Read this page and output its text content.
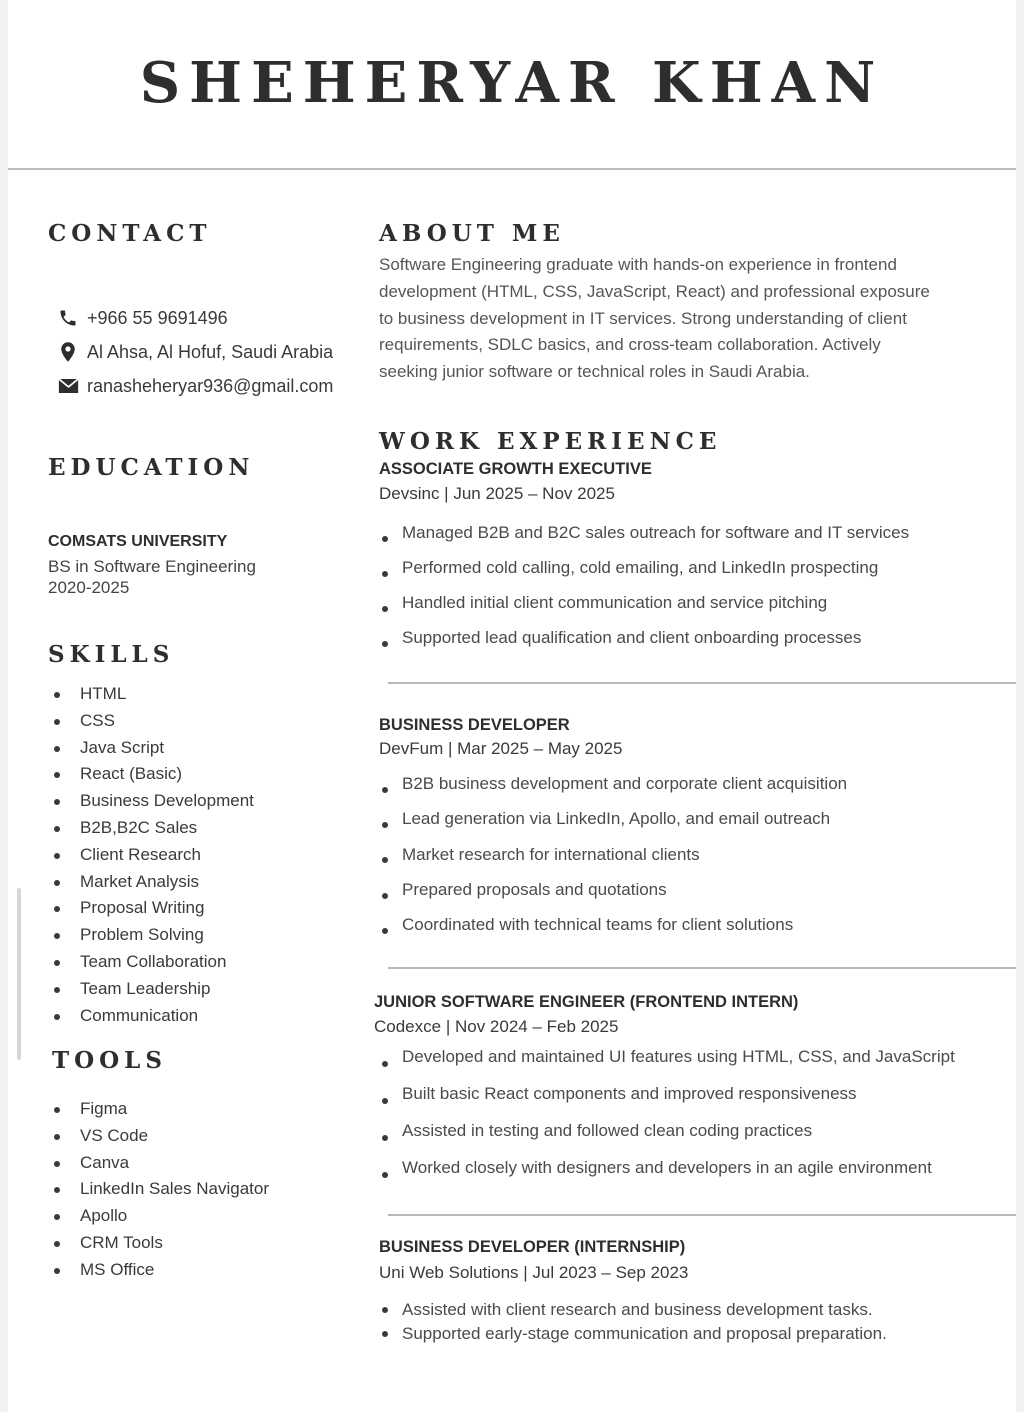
SHEHERYAR KHAN
CONTACT
+966 55 9691496
Al Ahsa, Al Hofuf, Saudi Arabia
ranasheheryar936@gmail.com
EDUCATION
COMSATS UNIVERSITY
BS in Software Engineering
2020-2025
SKILLS
HTML
CSS
Java Script
React (Basic)
Business Development
B2B,B2C Sales
Client Research
Market Analysis
Proposal Writing
Problem Solving
Team Collaboration
Team Leadership
Communication
TOOLS
Figma
VS Code
Canva
LinkedIn Sales Navigator
Apollo
CRM Tools
MS Office
ABOUT ME
Software Engineering graduate with hands-on experience in frontend development (HTML, CSS, JavaScript, React) and professional exposure to business development in IT services. Strong understanding of client requirements, SDLC basics, and cross-team collaboration. Actively seeking junior software or technical roles in Saudi Arabia.
WORK EXPERIENCE
ASSOCIATE GROWTH EXECUTIVE
Devsinc | Jun 2025 – Nov 2025
Managed B2B and B2C sales outreach for software and IT services
Performed cold calling, cold emailing, and LinkedIn prospecting
Handled initial client communication and service pitching
Supported lead qualification and client onboarding processes
BUSINESS DEVELOPER
DevFum | Mar 2025 – May 2025
B2B business development and corporate client acquisition
Lead generation via LinkedIn, Apollo, and email outreach
Market research for international clients
Prepared proposals and quotations
Coordinated with technical teams for client solutions
JUNIOR SOFTWARE ENGINEER (FRONTEND INTERN)
Codexce | Nov 2024 – Feb 2025
Developed and maintained UI features using HTML, CSS, and JavaScript
Built basic React components and improved responsiveness
Assisted in testing and followed clean coding practices
Worked closely with designers and developers in an agile environment
BUSINESS DEVELOPER (INTERNSHIP)
Uni Web Solutions | Jul 2023 – Sep 2023
Assisted with client research and business development tasks.
Supported early-stage communication and proposal preparation.
